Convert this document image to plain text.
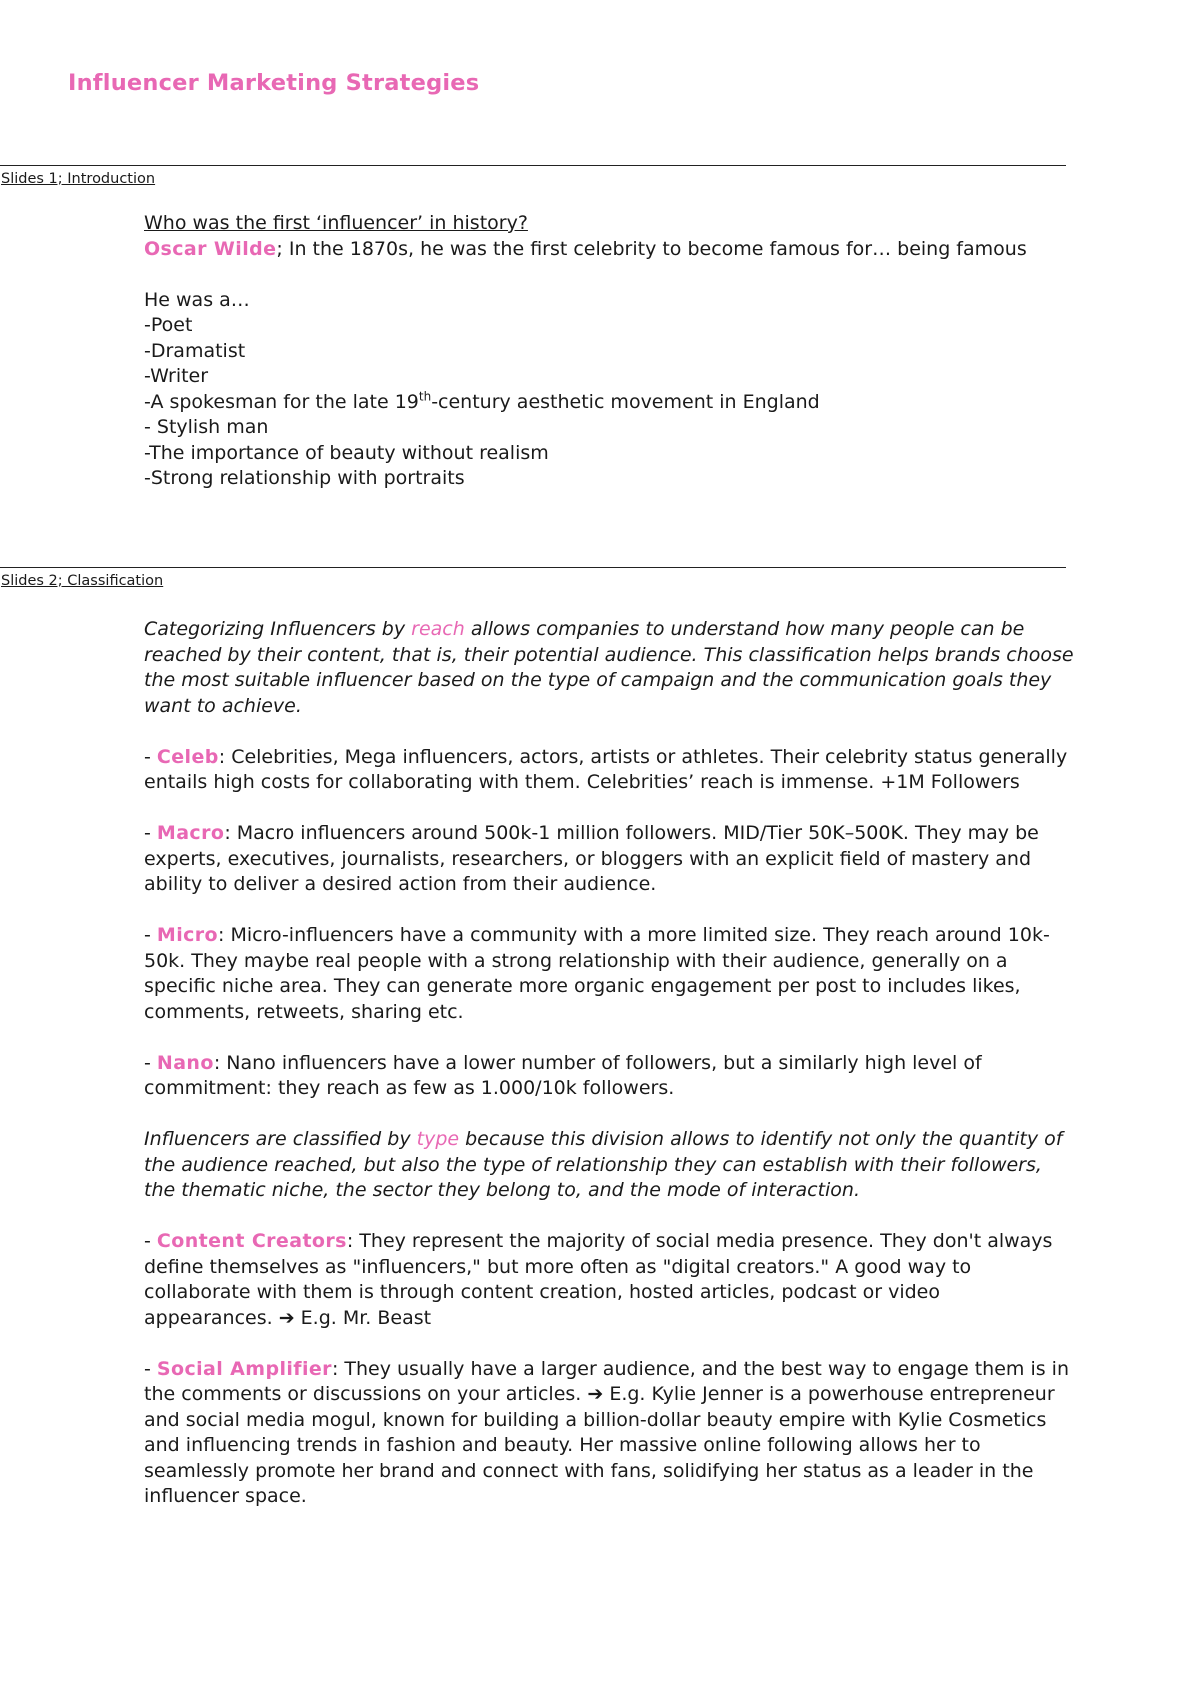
Influencer Marketing Strategies
Slides 1; Introduction

Who was the first ‘influencer’ in history?

Oscar Wilde; In the 1870s, he was the first celebrity to become famous for… being famous

He was a…

-Poet

-Dramatist

-Writer

-A spokesman for the late 19th-century aesthetic movement in England

- Stylish man

-The importance of beauty without realism

-Strong relationship with portraits

Slides 2; Classification

Categorizing Influencers by reach allows companies to understand how many people can be reached by their content, that is, their potential audience. This classification helps brands choose the most suitable influencer based on the type of campaign and the communication goals they want to achieve.

- Celeb: Celebrities, Mega influencers, actors, artists or athletes. Their celebrity status generally entails high costs for collaborating with them. Celebrities’ reach is immense. +1M Followers

- Macro: Macro influencers around 500k-1 million followers. MID/Tier 50K–500K. They may be experts, executives, journalists, researchers, or bloggers with an explicit field of mastery and ability to deliver a desired action from their audience.

- Micro: Micro-influencers have a community with a more limited size. They reach around 10k-50k. They maybe real people with a strong relationship with their audience, generally on a specific niche area. They can generate more organic engagement per post to includes likes, comments, retweets, sharing etc.

- Nano: Nano influencers have a lower number of followers, but a similarly high level of commitment: they reach as few as 1.000/10k followers.

Influencers are classified by type because this division allows to identify not only the quantity of the audience reached, but also the type of relationship they can establish with their followers, the thematic niche, the sector they belong to, and the mode of interaction.

- Content Creators: They represent the majority of social media presence. They don't always define themselves as "influencers," but more often as "digital creators." A good way to collaborate with them is through content creation, hosted articles, podcast or video appearances. ➔ E.g. Mr. Beast

- Social Amplifier: They usually have a larger audience, and the best way to engage them is in the comments or discussions on your articles. ➔ E.g. Kylie Jenner is a powerhouse entrepreneur and social media mogul, known for building a billion-dollar beauty empire with Kylie Cosmetics and influencing trends in fashion and beauty. Her massive online following allows her to seamlessly promote her brand and connect with fans, solidifying her status as a leader in the influencer space.
